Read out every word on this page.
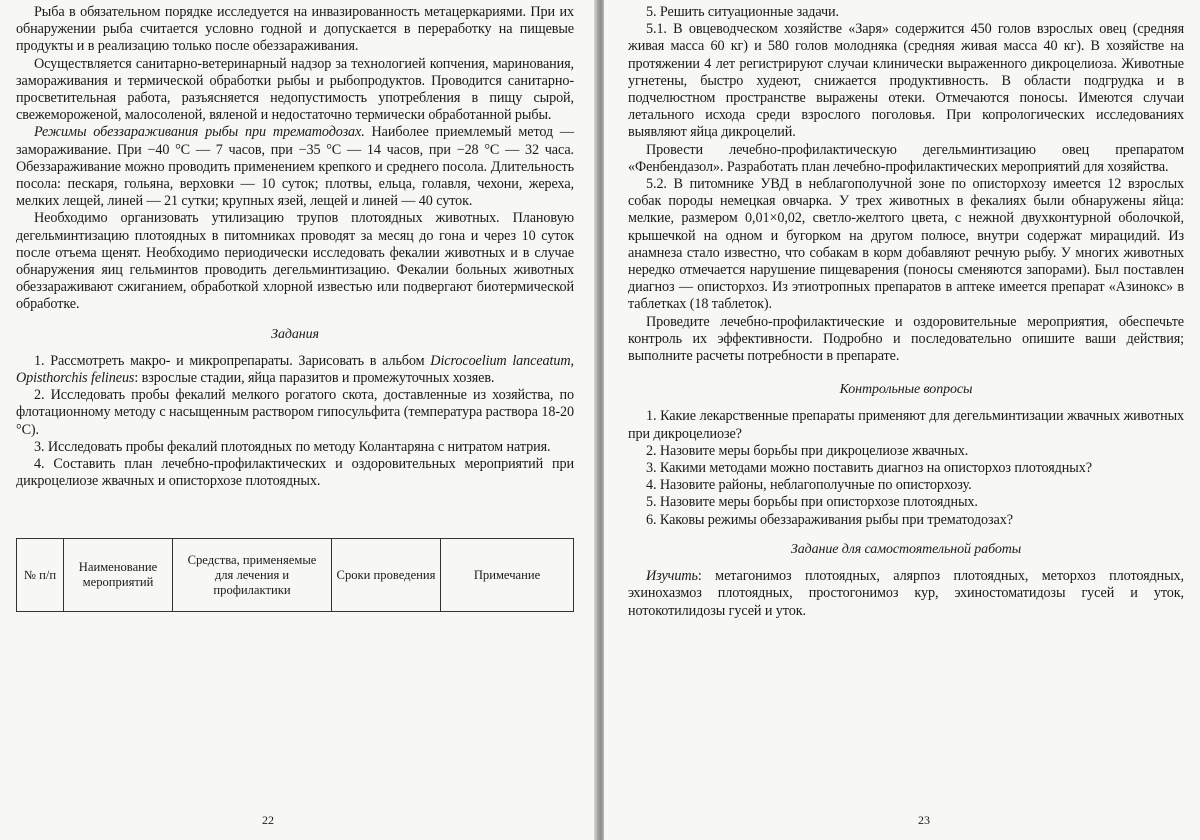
Рыба в обязательном порядке исследуется на инвазированность метацеркариями. При их обнаружении рыба считается условно годной и допускается в переработку на пищевые продукты и в реализацию только после обеззараживания.

Осуществляется санитарно-ветеринарный надзор за технологией копчения, маринования, замораживания и термической обработки рыбы и рыбопродуктов. Проводится санитарно-просветительная работа, разъясняется недопустимость употребления в пищу сырой, свежемороженой, малосоленой, вяленой и недостаточно термически обработанной рыбы.

Режимы обеззараживания рыбы при трематодозах. Наиболее приемлемый метод — замораживание. При −40 °С — 7 часов, при −35 °С — 14 часов, при −28 °С — 32 часа. Обеззараживание можно проводить применением крепкого и среднего посола. Длительность посола: пескаря, гольяна, верховки — 10 суток; плотвы, ельца, голавля, чехони, жереха, мелких лещей, линей — 21 сутки; крупных язей, лещей и линей — 40 суток.

Необходимо организовать утилизацию трупов плотоядных животных. Плановую дегельминтизацию плотоядных в питомниках проводят за месяц до гона и через 10 суток после отъема щенят. Необходимо периодически исследовать фекалии животных и в случае обнаружения яиц гельминтов проводить дегельминтизацию. Фекалии больных животных обеззараживают сжиганием, обработкой хлорной известью или подвергают биотермической обработке.

Задания

1. Рассмотреть макро- и микропрепараты. Зарисовать в альбом Dicrocoelium lanceatum, Opisthorchis felineus: взрослые стадии, яйца паразитов и промежуточных хозяев.

2. Исследовать пробы фекалий мелкого рогатого скота, доставленные из хозяйства, по флотационному методу с насыщенным раствором гипосульфита (температура раствора 18-20 °С).

3. Исследовать пробы фекалий плотоядных по методу Колантаряна с нитратом натрия.

4. Составить план лечебно-профилактических и оздоровительных мероприятий при дикроцелиозе жвачных и описторхозе плотоядных.

№ п/п	Наименование мероприятий	Средства, применяемые для лечения и профилактики	Сроки проведения	Примечание
22

5. Решить ситуационные задачи.

5.1. В овцеводческом хозяйстве «Заря» содержится 450 голов взрослых овец (средняя живая масса 60 кг) и 580 голов молодняка (средняя живая масса 40 кг). В хозяйстве на протяжении 4 лет регистрируют случаи клинически выраженного дикроцелиоза. Животные угнетены, быстро худеют, снижается продуктивность. В области подгрудка и в подчелюстном пространстве выражены отеки. Отмечаются поносы. Имеются случаи летального исхода среди взрослого поголовья. При копрологических исследованиях выявляют яйца дикроцелий.

Провести лечебно-профилактическую дегельминтизацию овец препаратом «Фенбендазол». Разработать план лечебно-профилактических мероприятий для хозяйства.

5.2. В питомнике УВД в неблагополучной зоне по описторхозу имеется 12 взрослых собак породы немецкая овчарка. У трех животных в фекалиях были обнаружены яйца: мелкие, размером 0,01×0,02, светло-желтого цвета, с нежной двухконтурной оболочкой, крышечкой на одном и бугорком на другом полюсе, внутри содержат мирацидий. Из анамнеза стало известно, что собакам в корм добавляют речную рыбу. У многих животных нередко отмечается нарушение пищеварения (поносы сменяются запорами). Был поставлен диагноз — описторхоз. Из этиотропных препаратов в аптеке имеется препарат «Азинокс» в таблетках (18 таблеток).

Проведите лечебно-профилактические и оздоровительные мероприятия, обеспечьте контроль их эффективности. Подробно и последовательно опишите ваши действия; выполните расчеты потребности в препарате.

Контрольные вопросы

1. Какие лекарственные препараты применяют для дегельминтизации жвачных животных при дикроцелиозе?

2. Назовите меры борьбы при дикроцелиозе жвачных.

3. Какими методами можно поставить диагноз на описторхоз плотоядных?

4. Назовите районы, неблагополучные по описторхозу.

5. Назовите меры борьбы при описторхозе плотоядных.

6. Каковы режимы обеззараживания рыбы при трематодозах?

Задание для самостоятельной работы

Изучить: метагонимоз плотоядных, алярпоз плотоядных, меторхоз плотоядных, эхинохазмоз плотоядных, простогонимоз кур, эхиностоматидозы гусей и уток, нотокотилидозы гусей и уток.

23
